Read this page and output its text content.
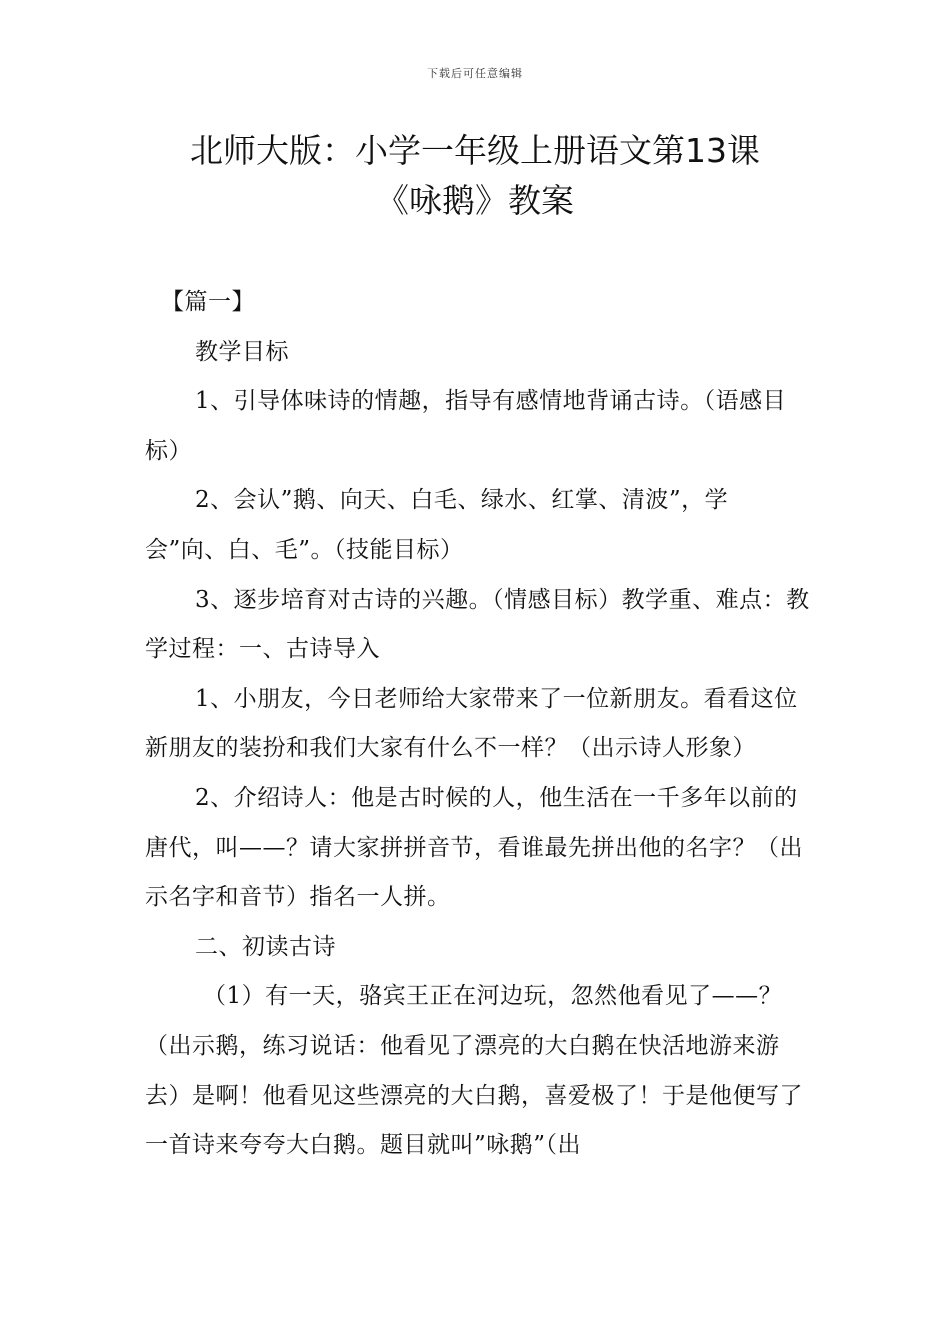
下载后可任意编辑
北师大版：小学一年级上册语文第13课
《咏鹅》教案

【篇一】

教学目标

1、引导体味诗的情趣，指导有感情地背诵古诗。（语感目标）

2、会认”鹅、向天、白毛、绿水、红掌、清波”，学会”向、白、毛”。（技能目标）

3、逐步培育对古诗的兴趣。（情感目标）教学重、难点：教学过程：一、古诗导入

1、小朋友，今日老师给大家带来了一位新朋友。看看这位新朋友的装扮和我们大家有什么不一样？（出示诗人形象）

2、介绍诗人：他是古时候的人，他生活在一千多年以前的唐代，叫——？请大家拼拼音节，看谁最先拼出他的名字？（出示名字和音节）指名一人拼。

二、初读古诗

（1）有一天，骆宾王正在河边玩，忽然他看见了——？（出示鹅，练习说话：他看见了漂亮的大白鹅在快活地游来游去）是啊！他看见这些漂亮的大白鹅，喜爱极了！于是他便写了一首诗来夸夸大白鹅。题目就叫”咏鹅”（出
